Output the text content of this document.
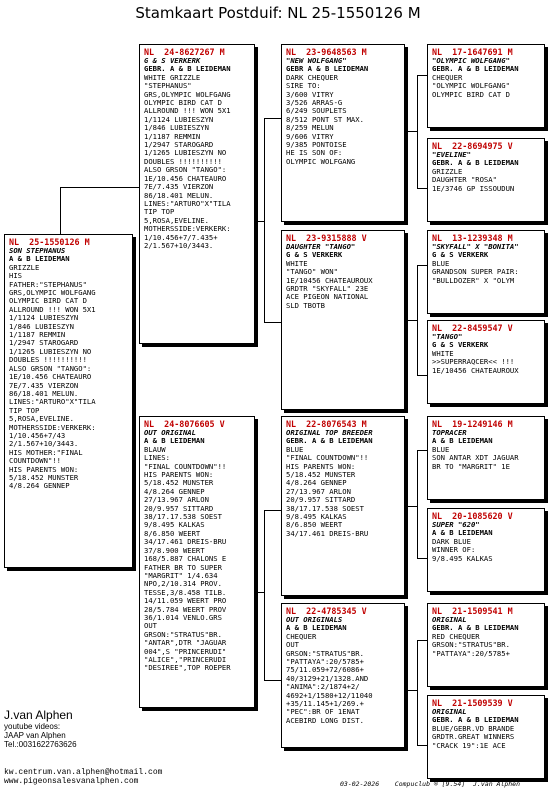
Stamkaart Postduif: NL 25-1550126 M
NL  25-1550126 M
SON STEPHANUS
A & B LEIDEMAN
GRIZZLE
HIS
FATHER:"STEPHANUS"
GRS,OLYMPIC WOLFGANG
OLYMPIC BIRD CAT D
ALLROUND !!! WON 5X1
1/1124 LUBIESZYN
1/846 LUBIESZYN
1/1187 REMMIN
1/2947 STAROGARD
1/1265 LUBIESZYN NO
DOUBLES !!!!!!!!!!
ALSO GRSON "TANGO":
1E/10.456 CHATEAURO
7E/7.435 VIERZON
86/18.401 MELUN.
LINES:"ARTURO"X"TILA
TIP TOP
5,ROSA,EVELINE.
MOTHERSSIDE:VERKERK:
1/10.456+7/43
2/1.567+10/3443.
HIS MOTHER:"FINAL
COUNTDOWN"!!
HIS PARENTS WON:
5/18.452 MUNSTER
4/8.264 GENNEP
NL  24-8627267 M
G & S VERKERK
GEBR. A & B LEIDEMAN
WHITE GRIZZLE
"STEPHANUS"
GRS,OLYMPIC WOLFGANG
OLYMPIC BIRD CAT D
ALLROUND !!! WON 5X1
1/1124 LUBIESZYN
1/846 LUBIESZYN
1/1187 REMMIN
1/2947 STAROGARD
1/1265 LUBIESZYN NO
DOUBLES !!!!!!!!!!
ALSO GRSON "TANGO":
1E/10.456 CHATEAURO
7E/7.435 VIERZON
86/18.401 MELUN.
LINES:"ARTURO"X"TILA
TIP TOP
5,ROSA,EVELINE.
MOTHERSSIDE:VERKERK:
1/10.456+7/7.435+
2/1.567+10/3443.
NL  24-8076605 V
OUT ORIGINAL
A & B LEIDEMAN
BLAUW
LINES:
"FINAL COUNTDOWN"!!
HIS PARENTS WON:
5/18.452 MUNSTER
4/8.264 GENNEP
27/13.967 ARLON
20/9.957 SITTARD
38/17.17.538 SOEST
9/8.495 KALKAS
8/6.850 WEERT
34/17.461 DREIS-BRU
37/8.900 WEERT
168/5.887 CHALONS E
FATHER BR TO SUPER
"MARGRIT" 1/4.634
NPO,2/10.314 PROV.
TESSE,3/8.458 TILB.
14/11.059 WEERT PRO
28/5.784 WEERT PROV
36/1.014 VENLO.GRS
OUT
GRSON:"STRATUS"BR.
"ANTAR",DTR "JAGUAR
004",S "PRINCERUDI"
"ALICE","PRINCERUDI
"DESIREE",TOP ROEPER
NL  23-9648563 M
"NEW WOLFGANG"
GEBR A & B LEIDEMAN
DARK CHEQUER
SIRE TO:
3/600 VITRY
3/526 ARRAS-G
6/249 SOUPLETS
8/512 PONT ST MAX.
8/259 MELUN
9/606 VITRY
9/385 PONTOISE
HE IS SON OF:
OLYMPIC WOLFGANG
NL  23-9315888 V
DAUGHTER "TANGO"
G & S VERKERK
WHITE
"TANGO" WON"
1E/10456 CHATEAUROUX
GRDTR "SKYFALL" 23E
ACE PIGEON NATIONAL
SLD TBOTB
NL  22-8076543 M
ORIGINAL TOP BREEDER
GEBR. A & B LEIDEMAN
BLUE
"FINAL COUNTDOWN"!!
HIS PARENTS WON:
5/18.452 MUNSTER
4/8.264 GENNEP
27/13.967 ARLON
20/9.957 SITTARD
38/17.17.538 SOEST
9/8.495 KALKAS
8/6.850 WEERT
34/17.461 DREIS-BRU
NL  22-4785345 V
OUT ORIGINALS
A & B LEIDEMAN
CHEQUER
OUT
GRSON:"STRATUS"BR.
"PATTAYA":20/5785+
75/11.059+72/6086+
40/3129+21/1328.AND
"ANIMA":2/1874+2/
4692+1/1580+12/11040
+35/11.145+1/269.+
"PEC":BR OF 1ENAT
ACEBIRD LONG DIST.
NL  17-1647691 M
"OLYMPIC WOLFGANG"
GEBR. A & B LEIDEMAN
CHEQUER
"OLYMPIC WOLFGANG"
OLYMPIC BIRD CAT D
NL  22-8694975 V
"EVELINE"
GEBR. A & B LEIDEMAN
GRIZZLE
DAUGHTER "ROSA"
1E/3746 GP ISSOUDUN
NL  13-1239348 M
"SKYFALL" X "BONITA"
G & S VERKERK
BLUE
GRANDSON SUPER PAIR:
"BULLDOZER" X "OLYM
NL  22-8459547 V
"TANGO"
G & S VERKERK
WHITE
>>SUPERRAQCER<< !!!
1E/10456 CHATEAUROUX
NL  19-1249146 M
TOPRACER
A & B LEIDEMAN
BLUE
SON ANTAR XDT JAGUAR
BR TO "MARGRIT" 1E
NL  20-1085620 V
SUPER "620"
A & B LEIDEMAN
DARK BLUE
WINNER OF:
9/8.495 KALKAS
NL  21-1509541 M
ORIGINAL
GEBR. A & B LEIDEMAN
RED CHEQUER
GRSON:"STRATUS"BR.
"PATTAYA":20/5785+
NL  21-1509539 V
ORIGINAL
GEBR. A & B LEIDEMAN
BLUE/GEBR.VD BRANDE
GRDTR.GREAT WINNERS
"CRACK 19":1E ACE
J.van Alphen
youtube videos:
JAAP van Alphen
Tel.:0031622763626
kw.centrum.van.alphen@hotmail.com
www.pigeonsalesvanalphen.com	03-02-2026    Compuclub ® [9.54]  J.van Alphen
